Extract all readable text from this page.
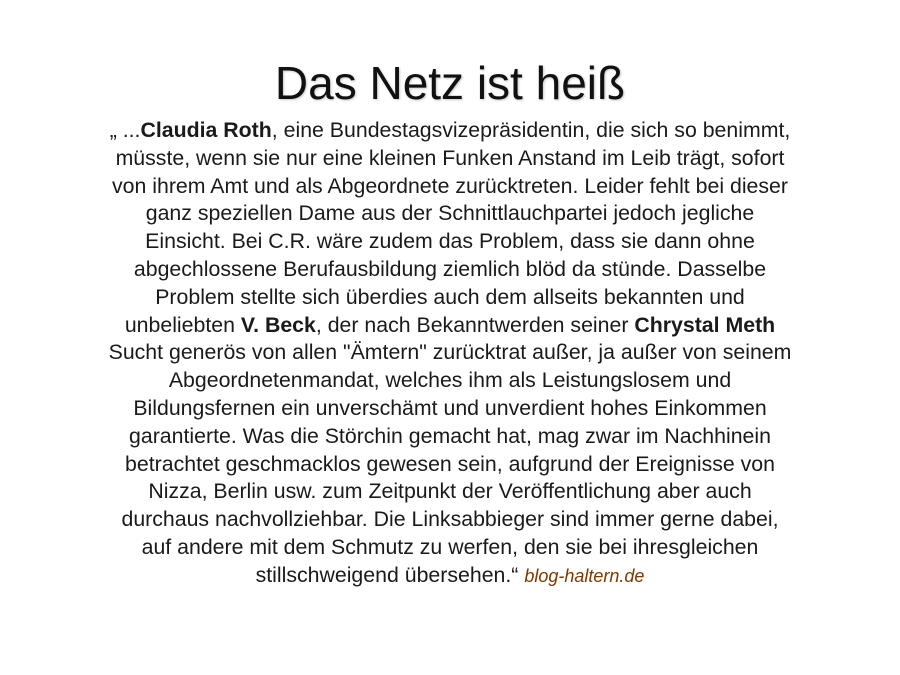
Das Netz ist heiß
„ ...Claudia Roth, eine Bundestagsvizepräsidentin, die sich so benimmt,
müsste, wenn sie nur eine kleinen Funken Anstand im Leib trägt, sofort
von ihrem Amt und als Abgeordnete zurücktreten. Leider fehlt bei dieser
ganz speziellen Dame aus der Schnittlauchpartei jedoch jegliche
Einsicht. Bei C.R. wäre zudem das Problem, dass sie dann ohne
abgechlossene Berufausbildung ziemlich blöd da stünde. Dasselbe
Problem stellte sich überdies auch dem allseits bekannten und
unbeliebten V. Beck, der nach Bekanntwerden seiner Chrystal Meth
Sucht generös von allen "Ämtern" zurücktrat außer, ja außer von seinem
Abgeordnetenmandat, welches ihm als Leistungslosem und
Bildungsfernen ein unverschämt und unverdient hohes Einkommen
garantierte. Was die Störchin gemacht hat, mag zwar im Nachhinein
betrachtet geschmacklos gewesen sein, aufgrund der Ereignisse von
Nizza, Berlin usw. zum Zeitpunkt der Veröffentlichung aber auch
durchaus nachvollziehbar. Die Linksabbieger sind immer gerne dabei,
auf andere mit dem Schmutz zu werfen, den sie bei ihresgleichen
stillschweigend übersehen.“ blog-haltern.de
